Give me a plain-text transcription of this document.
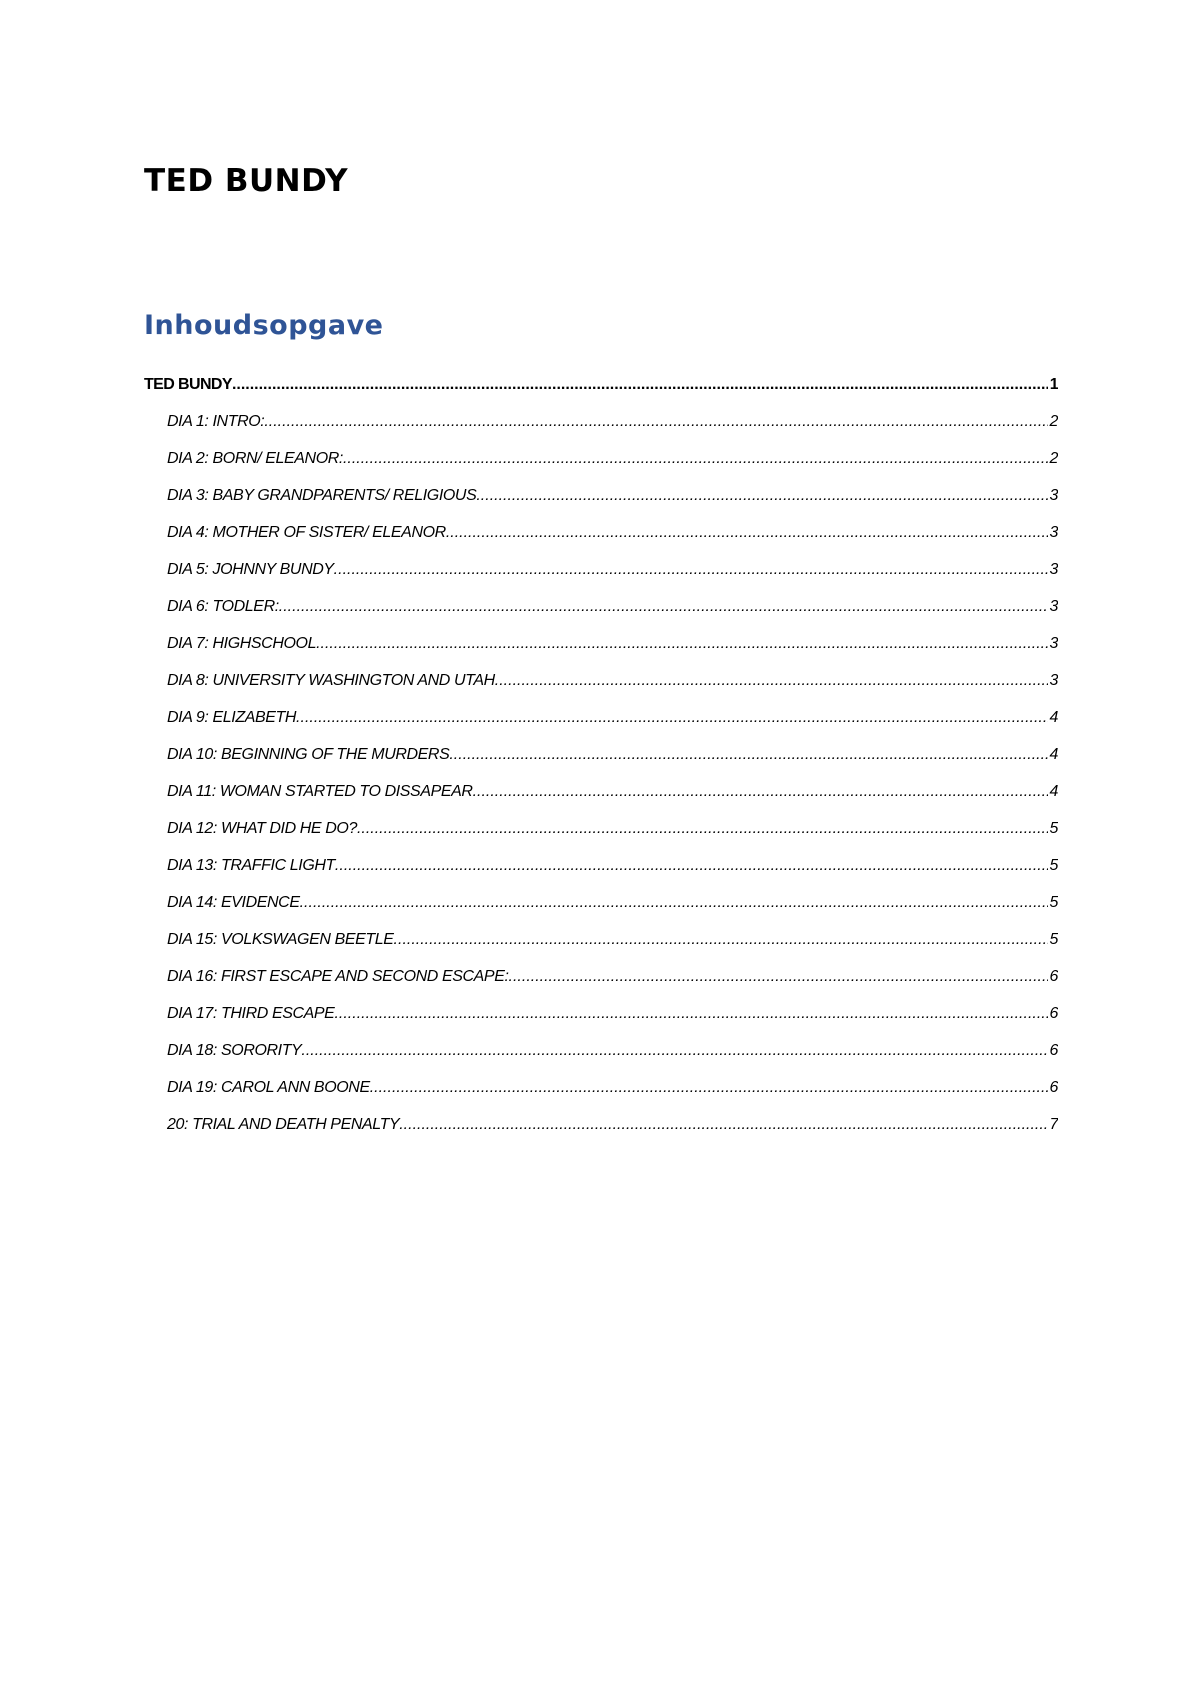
TED BUNDY
Inhoudsopgave
TED BUNDY .....	1
DIA 1: INTRO: .....	2
DIA 2: BORN/ ELEANOR: .....	2
DIA 3: BABY GRANDPARENTS/ RELIGIOUS .....	3
DIA 4: MOTHER OF SISTER/ ELEANOR .....	3
DIA 5: JOHNNY BUNDY .....	3
DIA 6: TODLER: .....	3
DIA 7: HIGHSCHOOL .....	3
DIA 8: UNIVERSITY WASHINGTON AND UTAH .....	3
DIA 9: ELIZABETH .....	4
DIA 10: BEGINNING OF THE MURDERS .....	4
DIA 11: WOMAN STARTED TO DISSAPEAR .....	4
DIA 12: WHAT DID HE DO? .....	5
DIA 13: TRAFFIC LIGHT .....	5
DIA 14: EVIDENCE .....	5
DIA 15: VOLKSWAGEN BEETLE .....	5
DIA 16: FIRST ESCAPE AND SECOND ESCAPE: .....	6
DIA 17: THIRD ESCAPE .....	6
DIA 18: SORORITY .....	6
DIA 19: CAROL ANN BOONE .....	6
20: TRIAL AND DEATH PENALTY .....	7
